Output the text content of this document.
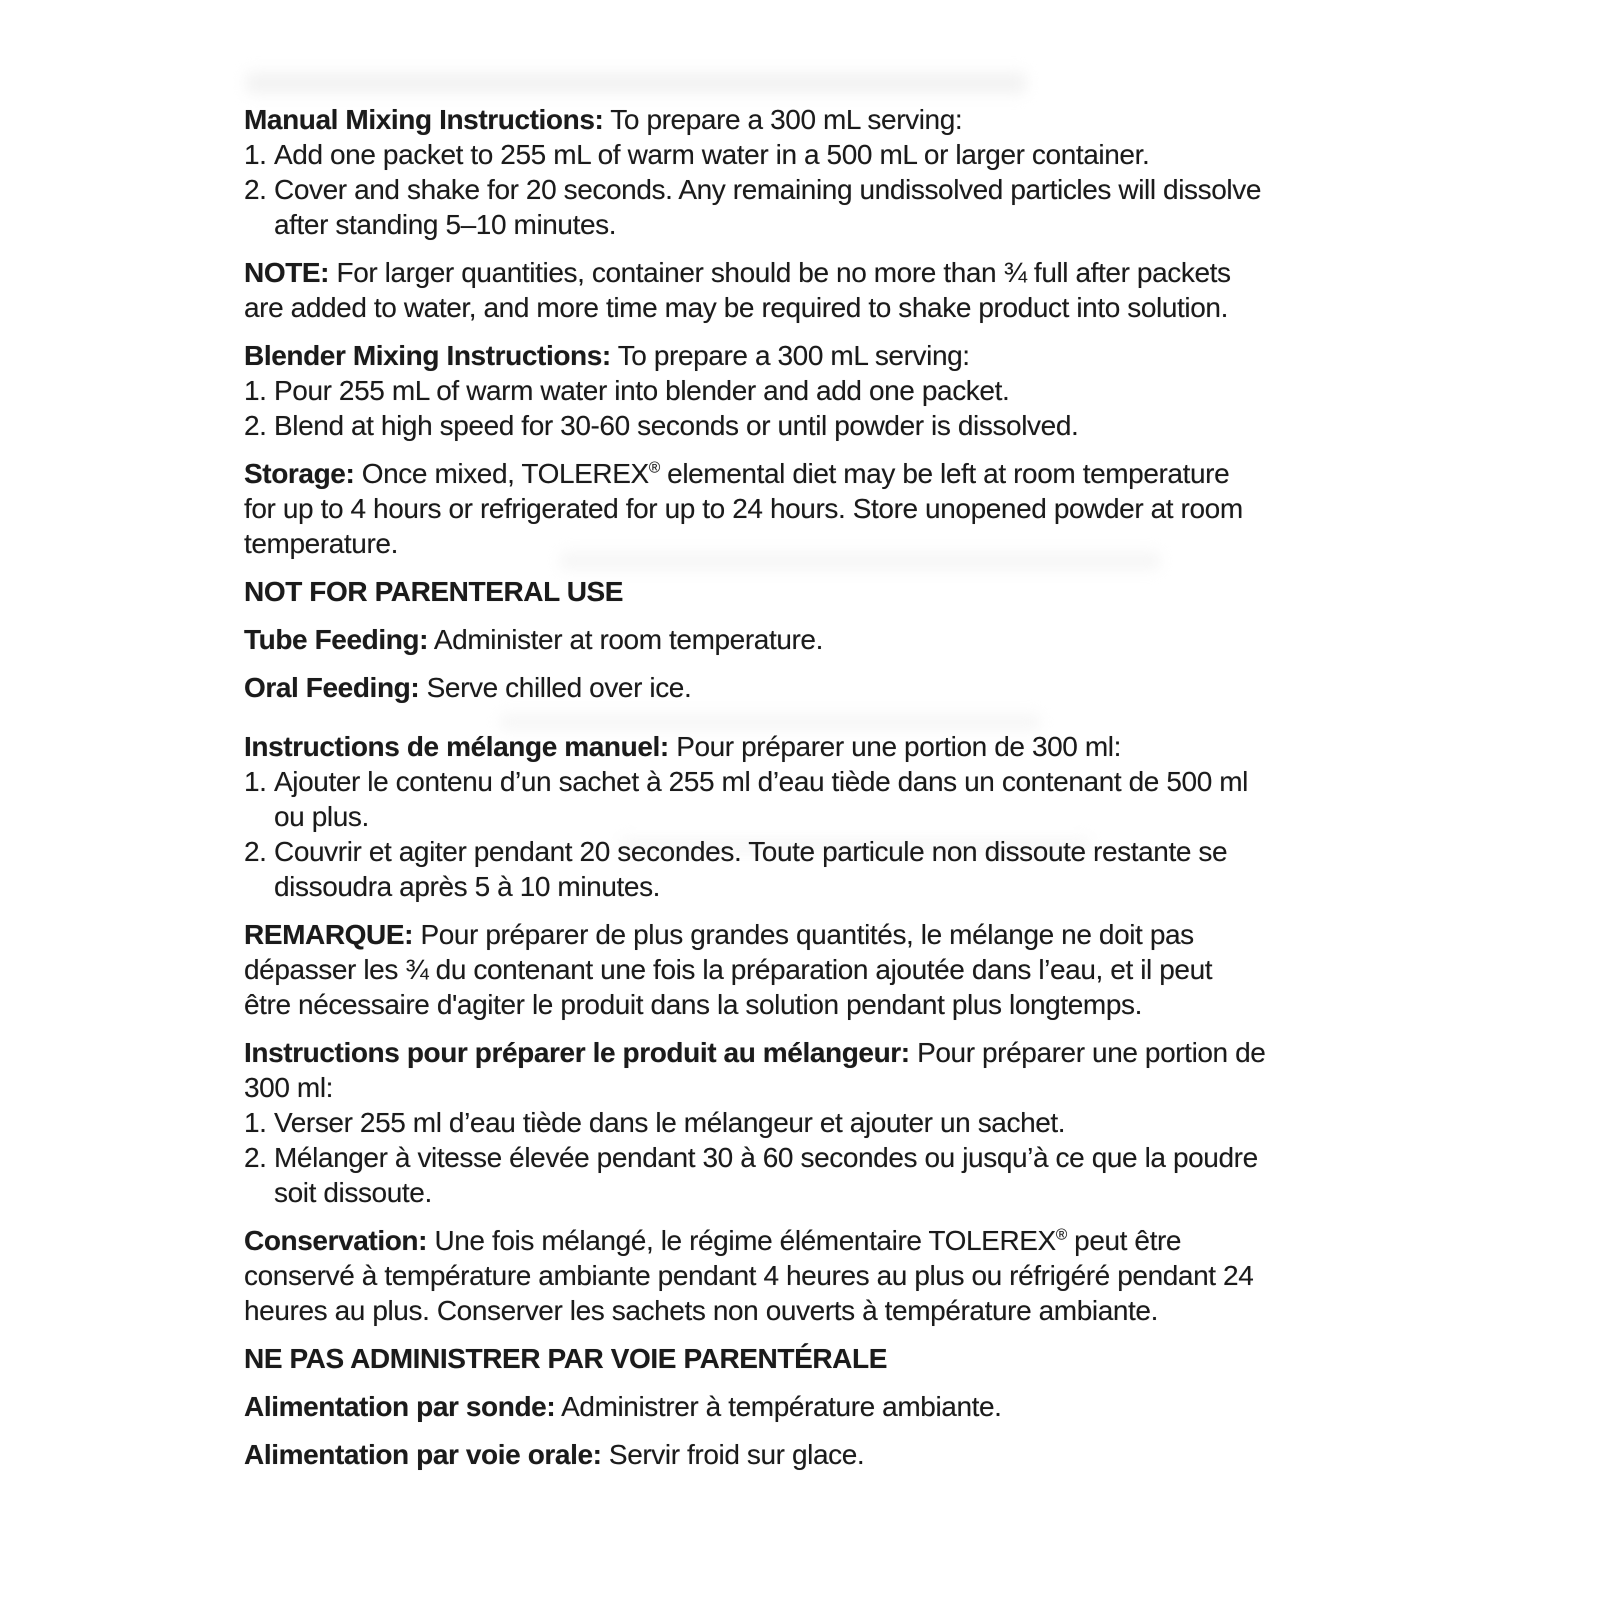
Manual Mixing Instructions: To prepare a 300 mL serving:

1. Add one packet to 255 mL of warm water in a 500 mL or larger container.
2. Cover and shake for 20 seconds. Any remaining undissolved particles will dissolve after standing 5–10 minutes.

NOTE: For larger quantities, container should be no more than ¾ full after packets are added to water, and more time may be required to shake product into solution.

Blender Mixing Instructions: To prepare a 300 mL serving:

1. Pour 255 mL of warm water into blender and add one packet.
2. Blend at high speed for 30-60 seconds or until powder is dissolved.

Storage: Once mixed, TOLEREX® elemental diet may be left at room temperature for up to 4 hours or refrigerated for up to 24 hours. Store unopened powder at room temperature.

NOT FOR PARENTERAL USE

Tube Feeding: Administer at room temperature.

Oral Feeding: Serve chilled over ice.

Instructions de mélange manuel: Pour préparer une portion de 300 ml:

1. Ajouter le contenu d’un sachet à 255 ml d’eau tiède dans un contenant de 500 ml ou plus.
2. Couvrir et agiter pendant 20 secondes. Toute particule non dissoute restante se dissoudra après 5 à 10 minutes.

REMARQUE: Pour préparer de plus grandes quantités, le mélange ne doit pas dépasser les ¾ du contenant une fois la préparation ajoutée dans l’eau, et il peut être nécessaire d'agiter le produit dans la solution pendant plus longtemps.

Instructions pour préparer le produit au mélangeur: Pour préparer une portion de 300 ml:

1. Verser 255 ml d’eau tiède dans le mélangeur et ajouter un sachet.
2. Mélanger à vitesse élevée pendant 30 à 60 secondes ou jusqu’à ce que la poudre soit dissoute.

Conservation: Une fois mélangé, le régime élémentaire TOLEREX® peut être conservé à température ambiante pendant 4 heures au plus ou réfrigéré pendant 24 heures au plus. Conserver les sachets non ouverts à température ambiante.

NE PAS ADMINISTRER PAR VOIE PARENTÉRALE

Alimentation par sonde: Administrer à température ambiante.

Alimentation par voie orale: Servir froid sur glace.
